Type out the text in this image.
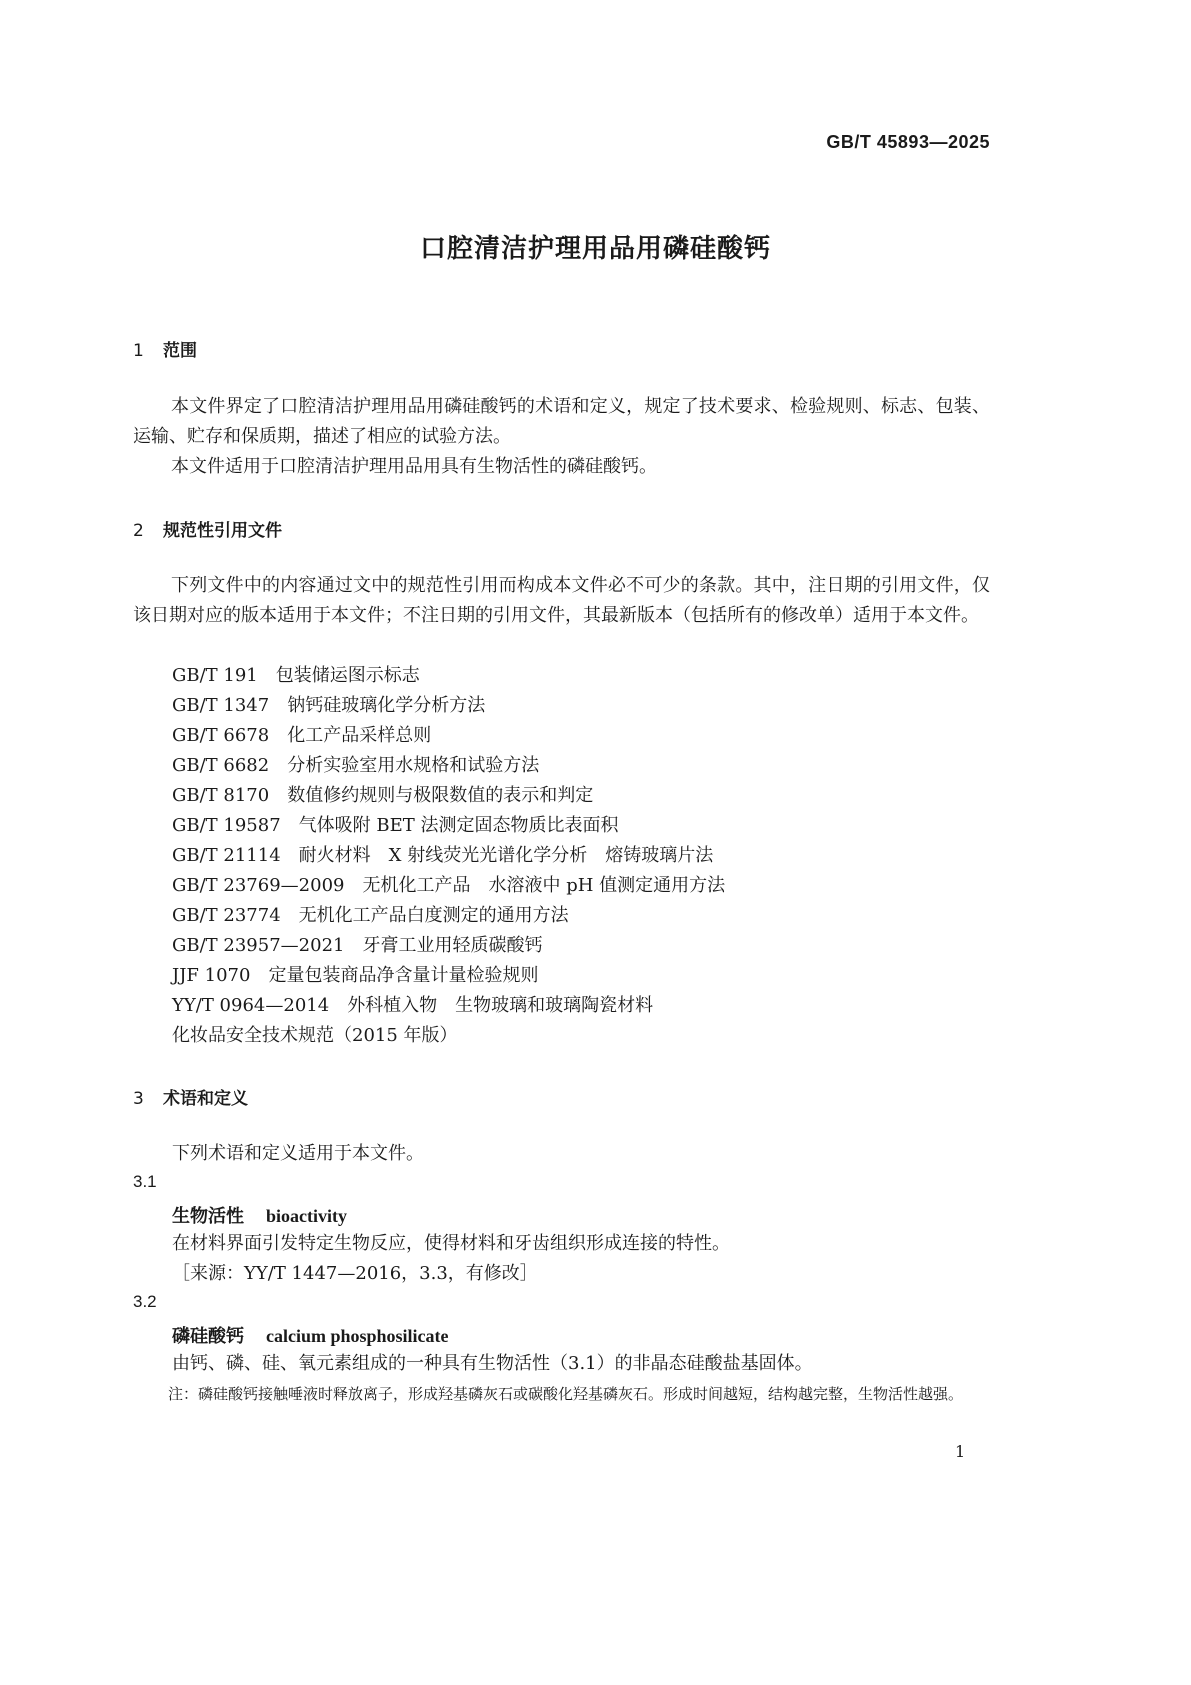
GB/T 45893—2025
口腔清洁护理用品用磷硅酸钙
1 范围
本文件界定了口腔清洁护理用品用磷硅酸钙的术语和定义，规定了技术要求、检验规则、标志、包装、运输、贮存和保质期，描述了相应的试验方法。
本文件适用于口腔清洁护理用品用具有生物活性的磷硅酸钙。
2 规范性引用文件
下列文件中的内容通过文中的规范性引用而构成本文件必不可少的条款。其中，注日期的引用文件，仅该日期对应的版本适用于本文件；不注日期的引用文件，其最新版本（包括所有的修改单）适用于本文件。
GB/T 191 包装储运图示标志
GB/T 1347 钠钙硅玻璃化学分析方法
GB/T 6678 化工产品采样总则
GB/T 6682 分析实验室用水规格和试验方法
GB/T 8170 数值修约规则与极限数值的表示和判定
GB/T 19587 气体吸附 BET 法测定固态物质比表面积
GB/T 21114 耐火材料　X 射线荧光光谱化学分析　熔铸玻璃片法
GB/T 23769—2009 无机化工产品　水溶液中 pH 值测定通用方法
GB/T 23774 无机化工产品白度测定的通用方法
GB/T 23957—2021 牙膏工业用轻质碳酸钙
JJF 1070 定量包装商品净含量计量检验规则
YY/T 0964—2014 外科植入物　生物玻璃和玻璃陶瓷材料
化妆品安全技术规范（2015 年版）
3 术语和定义
下列术语和定义适用于本文件。
3.1
生物活性 bioactivity
在材料界面引发特定生物反应，使得材料和牙齿组织形成连接的特性。
［来源：YY/T 1447—2016，3.3，有修改］
3.2
磷硅酸钙 calcium phosphosilicate
由钙、磷、硅、氧元素组成的一种具有生物活性（3.1）的非晶态硅酸盐基固体。
注：磷硅酸钙接触唾液时释放离子，形成羟基磷灰石或碳酸化羟基磷灰石。形成时间越短，结构越完整，生物活性越强。
1
